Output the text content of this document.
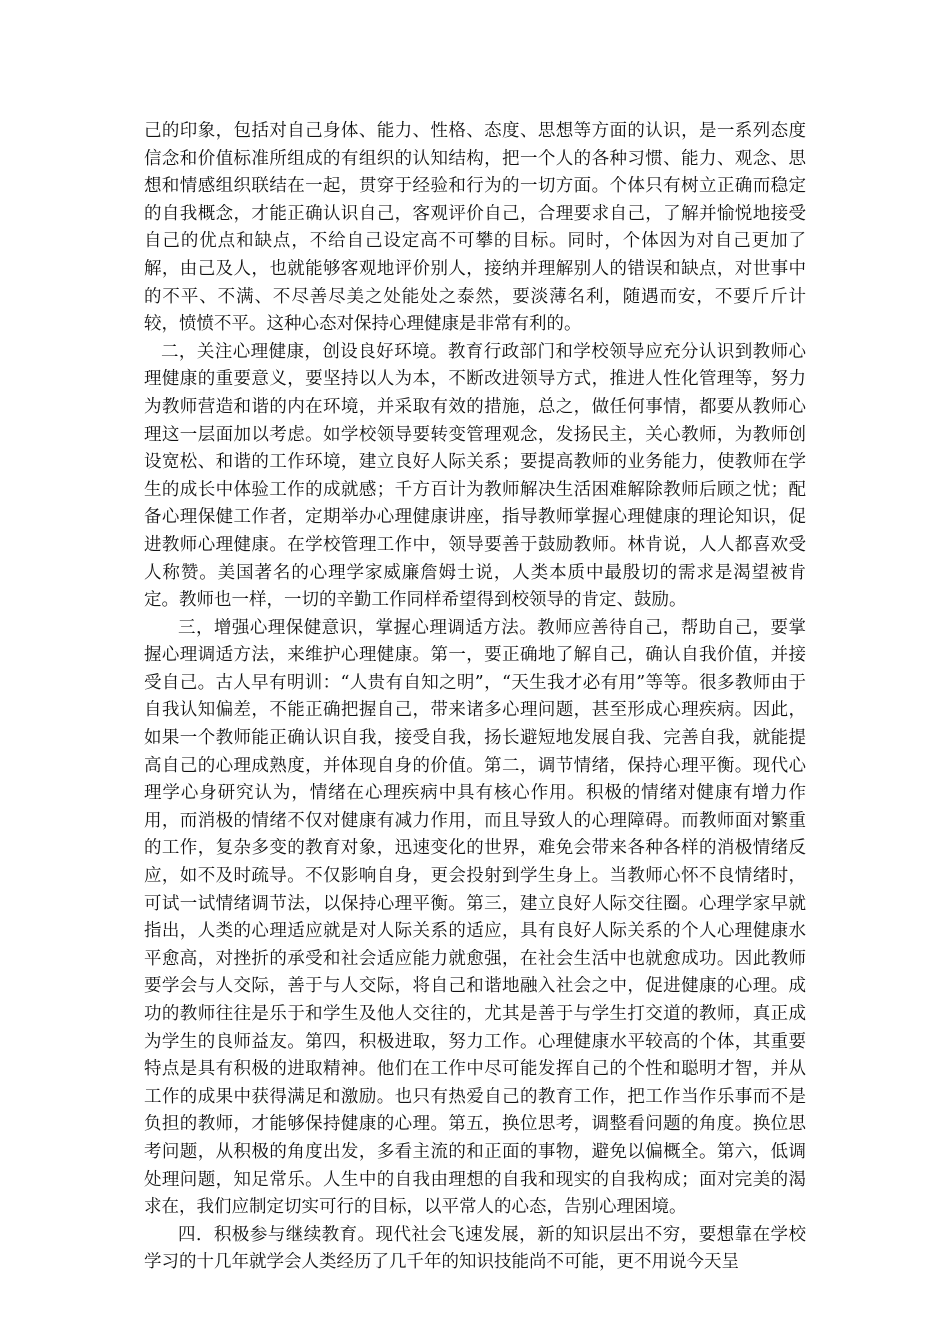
己的印象，包括对自己身体、能力、性格、态度、思想等方面的认识，是一系列态度信念和价值标准所组成的有组织的认知结构，把一个人的各种习惯、能力、观念、思想和情感组织联结在一起，贯穿于经验和行为的一切方面。个体只有树立正确而稳定的自我概念，才能正确认识自己，客观评价自己，合理要求自己，了解并愉悦地接受自己的优点和缺点，不给自己设定高不可攀的目标。同时，个体因为对自己更加了解，由己及人，也就能够客观地评价别人，接纳并理解别人的错误和缺点，对世事中的不平、不满、不尽善尽美之处能处之泰然，要淡薄名利，随遇而安，不要斤斤计较，愤愤不平。这种心态对保持心理健康是非常有利的。

二，关注心理健康，创设良好环境。教育行政部门和学校领导应充分认识到教师心理健康的重要意义，要坚持以人为本，不断改进领导方式，推进人性化管理等，努力为教师营造和谐的内在环境，并采取有效的措施，总之，做任何事情，都要从教师心理这一层面加以考虑。如学校领导要转变管理观念，发扬民主，关心教师，为教师创设宽松、和谐的工作环境，建立良好人际关系；要提高教师的业务能力，使教师在学生的成长中体验工作的成就感；千方百计为教师解决生活困难解除教师后顾之忧；配备心理保健工作者，定期举办心理健康讲座，指导教师掌握心理健康的理论知识，促进教师心理健康。在学校管理工作中，领导要善于鼓励教师。林肯说，人人都喜欢受人称赞。美国著名的心理学家威廉詹姆士说，人类本质中最殷切的需求是渴望被肯定。教师也一样，一切的辛勤工作同样希望得到校领导的肯定、鼓励。

三，增强心理保健意识，掌握心理调适方法。教师应善待自己，帮助自己，要掌握心理调适方法，来维护心理健康。第一，要正确地了解自己，确认自我价值，并接受自己。古人早有明训：“人贵有自知之明”，“天生我才必有用”等等。很多教师由于自我认知偏差，不能正确把握自己，带来诸多心理问题，甚至形成心理疾病。因此，如果一个教师能正确认识自我，接受自我，扬长避短地发展自我、完善自我，就能提高自己的心理成熟度，并体现自身的价值。第二，调节情绪，保持心理平衡。现代心理学心身研究认为，情绪在心理疾病中具有核心作用。积极的情绪对健康有增力作用，而消极的情绪不仅对健康有减力作用，而且导致人的心理障碍。而教师面对繁重的工作，复杂多变的教育对象，迅速变化的世界，难免会带来各种各样的消极情绪反应，如不及时疏导。不仅影响自身，更会投射到学生身上。当教师心怀不良情绪时，可试一试情绪调节法，以保持心理平衡。第三，建立良好人际交往圈。心理学家早就指出，人类的心理适应就是对人际关系的适应，具有良好人际关系的个人心理健康水平愈高，对挫折的承受和社会适应能力就愈强，在社会生活中也就愈成功。因此教师要学会与人交际，善于与人交际，将自己和谐地融入社会之中，促进健康的心理。成功的教师往往是乐于和学生及他人交往的，尤其是善于与学生打交道的教师，真正成为学生的良师益友。第四，积极进取，努力工作。心理健康水平较高的个体，其重要特点是具有积极的进取精神。他们在工作中尽可能发挥自己的个性和聪明才智，并从工作的成果中获得满足和激励。也只有热爱自己的教育工作，把工作当作乐事而不是负担的教师，才能够保持健康的心理。第五，换位思考，调整看问题的角度。换位思考问题，从积极的角度出发，多看主流的和正面的事物，避免以偏概全。第六，低调处理问题，知足常乐。人生中的自我由理想的自我和现实的自我构成；面对完美的渴求在，我们应制定切实可行的目标，以平常人的心态，告别心理困境。

四．积极参与继续教育。现代社会飞速发展，新的知识层出不穷，要想靠在学校学习的十几年就学会人类经历了几千年的知识技能尚不可能，更不用说今天呈
